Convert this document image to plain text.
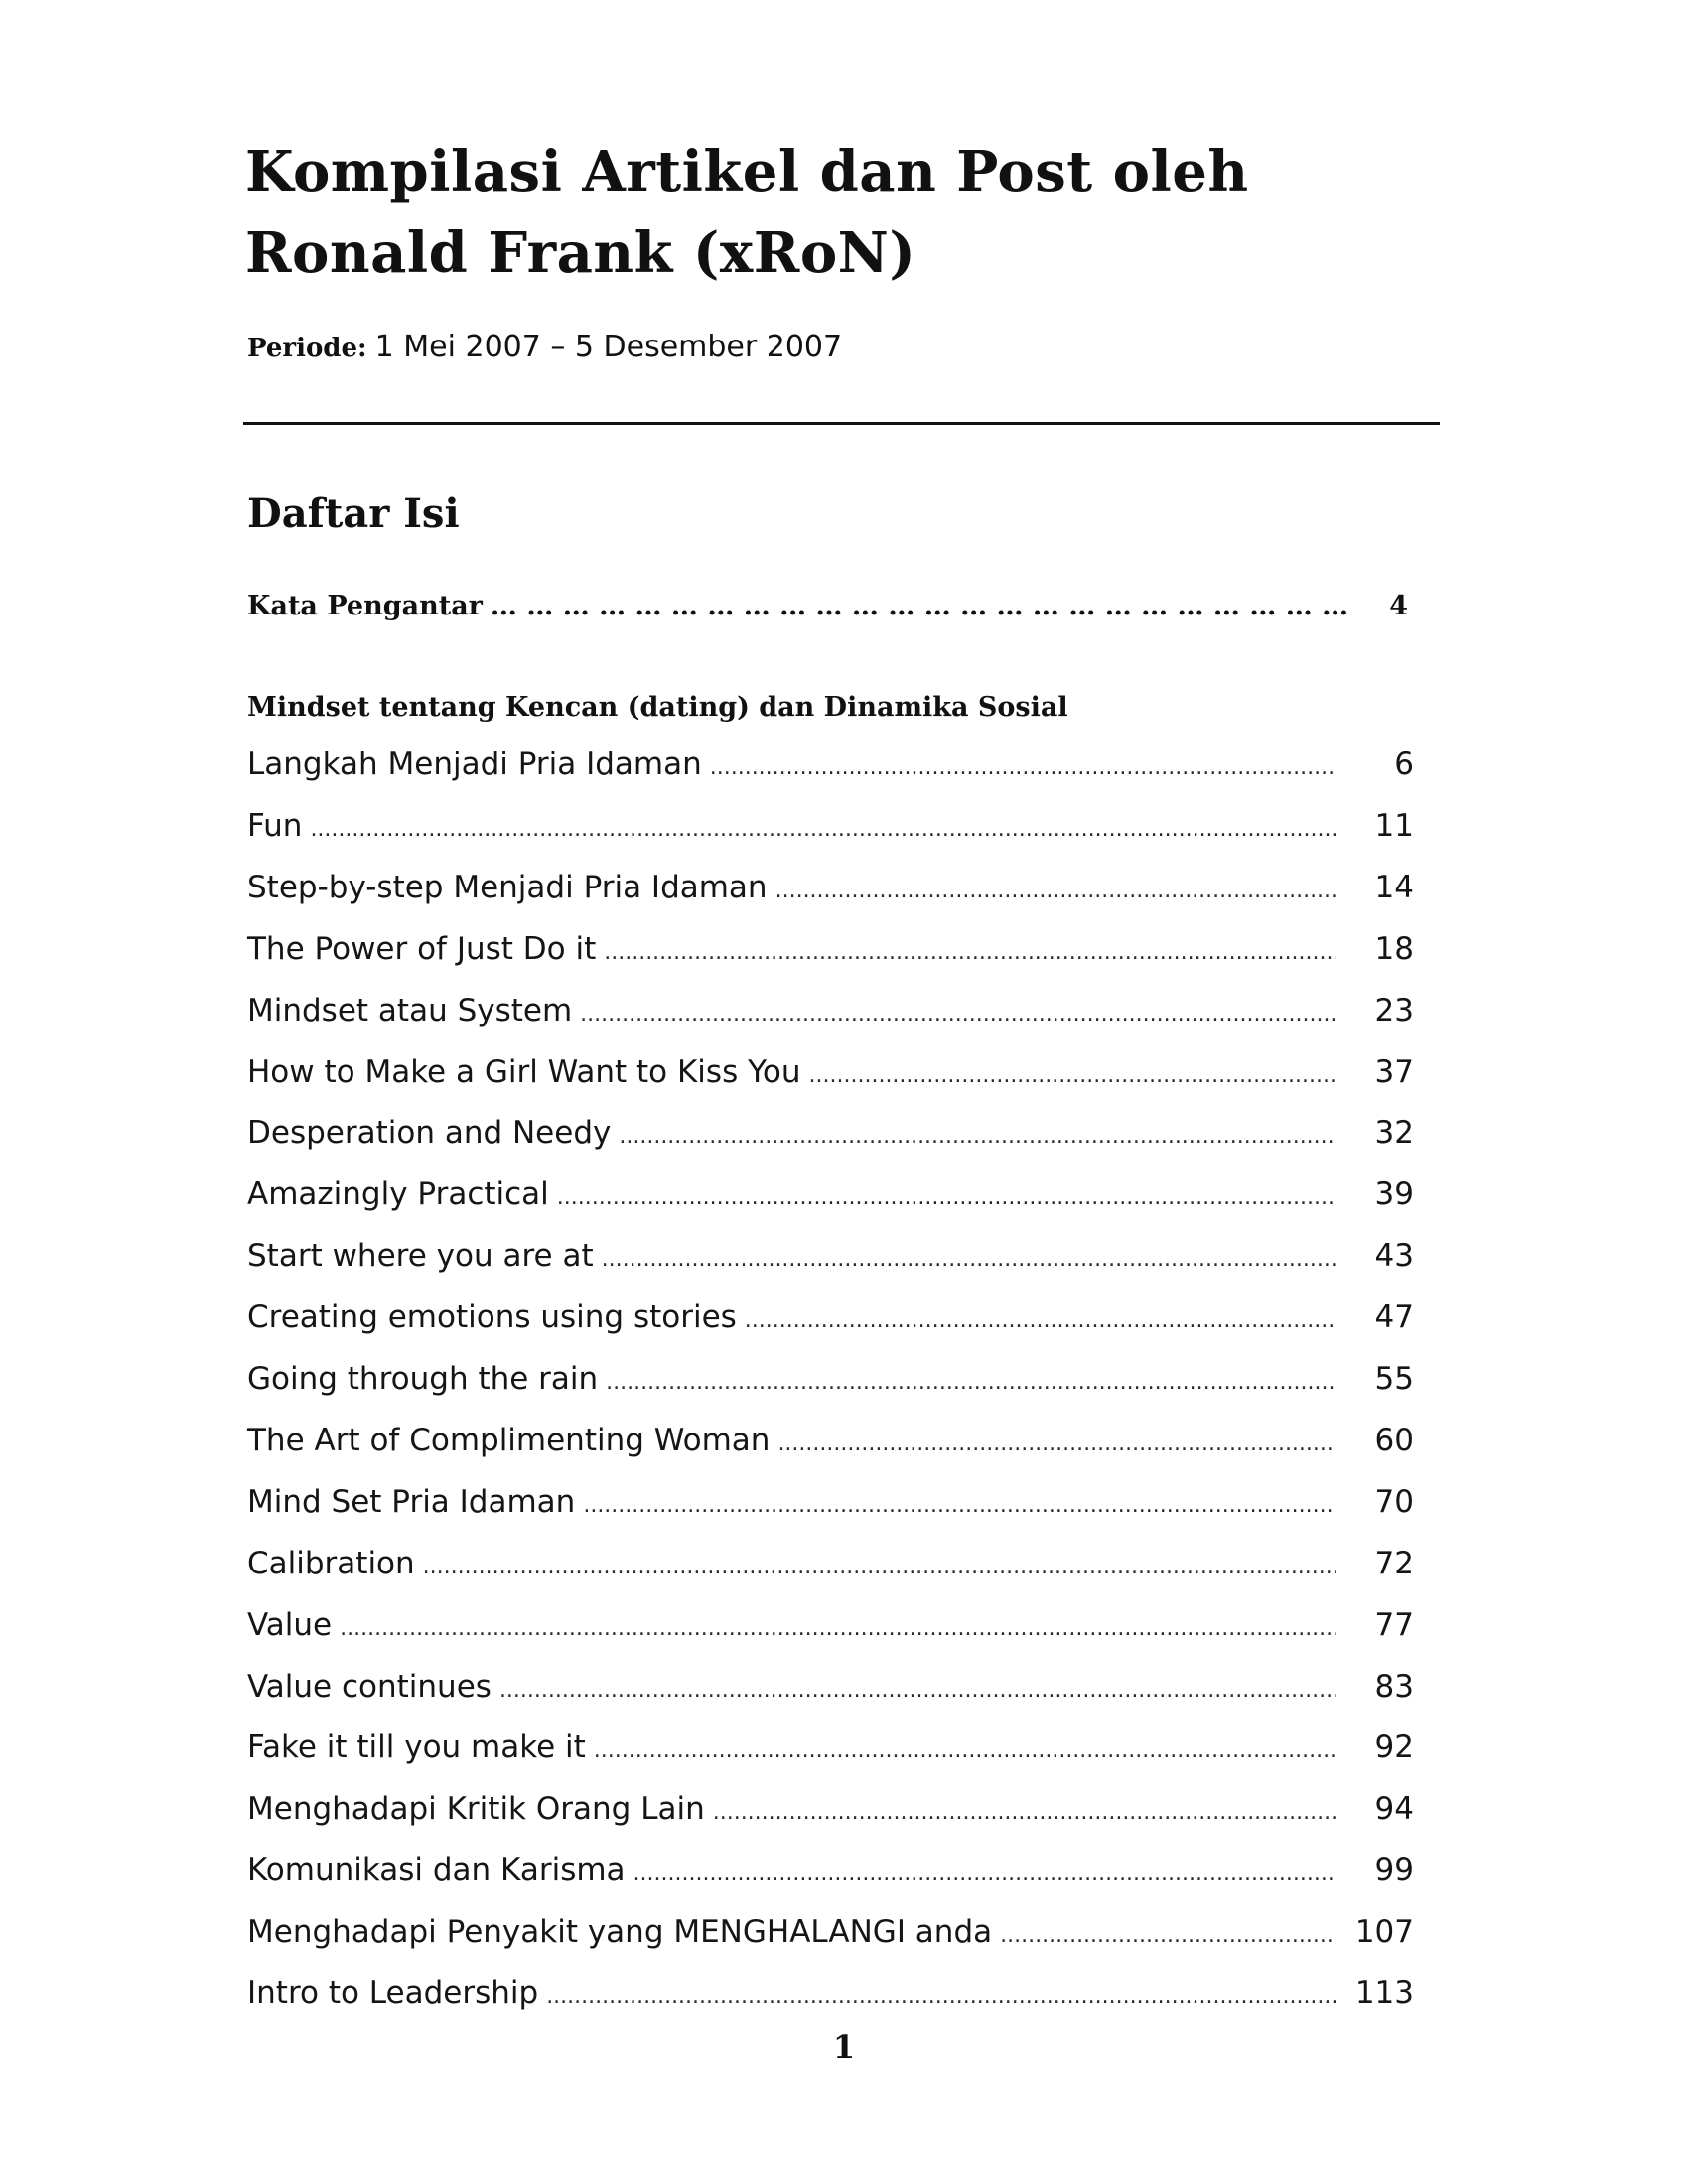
Kompilasi Artikel dan Post oleh
Ronald Frank (xRoN)
Periode: 1 Mei 2007 – 5 Desember 2007
Daftar Isi
Kata Pengantar … … … … … … … … … … … … … … … … … … … … … … … … … … … … … … … … … … … … … … … … … … … … … …	4
Mindset tentang Kencan (dating) dan Dinamika Sosial
Langkah Menjadi Pria Idaman .....	6
Fun .....	11
Step-by-step Menjadi Pria Idaman .....	14
The Power of Just Do it .....	18
Mindset atau System .....	23
How to Make a Girl Want to Kiss You .....	37
Desperation and Needy .....	32
Amazingly Practical .....	39
Start where you are at .....	43
Creating emotions using stories .....	47
Going through the rain .....	55
The Art of Complimenting Woman .....	60
Mind Set Pria Idaman .....	70
Calibration .....	72
Value .....	77
Value continues .....	83
Fake it till you make it .....	92
Menghadapi Kritik Orang Lain .....	94
Komunikasi dan Karisma .....	99
Menghadapi Penyakit yang MENGHALANGI anda .....	107
Intro to Leadership .....	113
1
